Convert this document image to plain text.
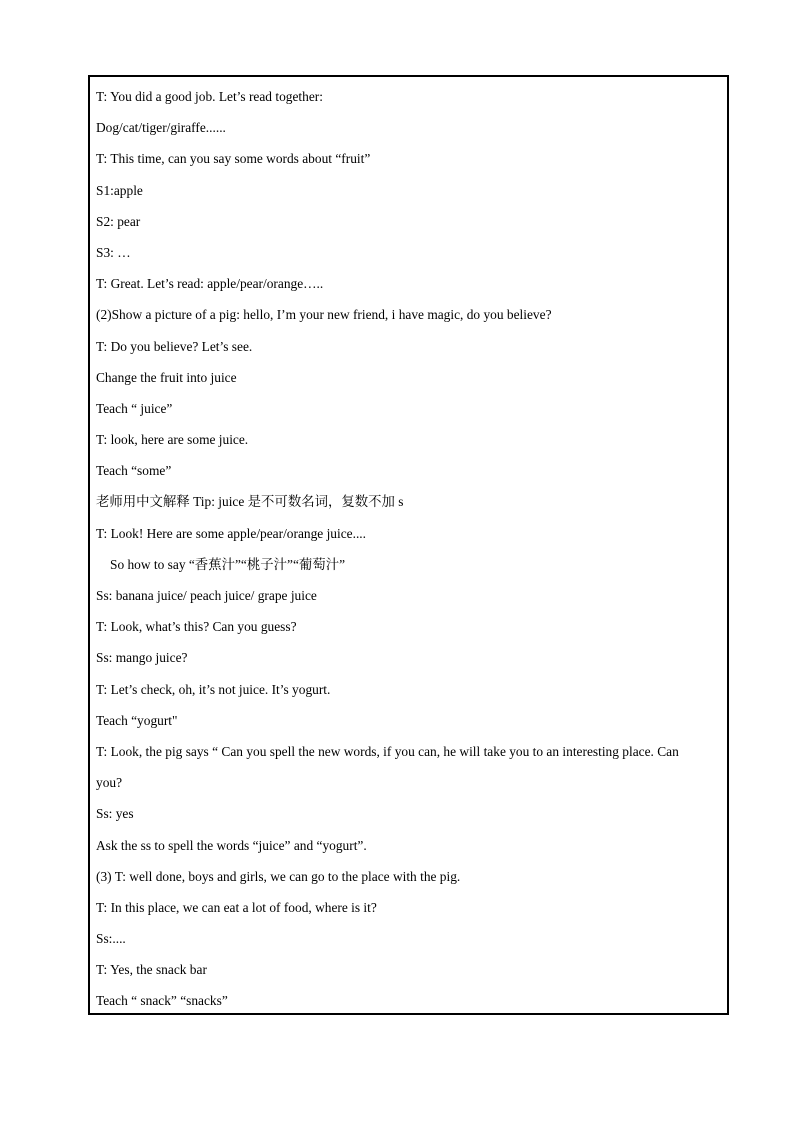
T: You did a good job. Let’s read together:
Dog/cat/tiger/giraffe......
T: This time, can you say some words about “fruit”
S1:apple
S2: pear
S3: …
T: Great. Let’s read: apple/pear/orange…..
(2)Show a picture of a pig: hello, I’m your new friend, i have magic, do you believe?
T: Do you believe? Let’s see.
Change the fruit into juice
Teach “ juice”
T: look, here are some juice.
Teach “some”
老师用中文解释 Tip: juice 是不可数名词，复数不加 s
T: Look! Here are some apple/pear/orange juice....
So how to say “香蕉汁”“桃子汁”“葡萄汁”
Ss: banana juice/ peach juice/ grape juice
T: Look, what’s this? Can you guess?
Ss: mango juice?
T: Let’s check, oh, it’s not juice. It’s yogurt.
Teach “yogurt"
T: Look, the pig says “ Can you spell the new words, if you can, he will take you to an interesting place. Can
you?
Ss: yes
Ask the ss to spell the words “juice” and “yogurt”.
(3) T: well done, boys and girls, we can go to the place with the pig.
T: In this place, we can eat a lot of food, where is it?
Ss:....
T: Yes, the snack bar
Teach “ snack” “snacks”
